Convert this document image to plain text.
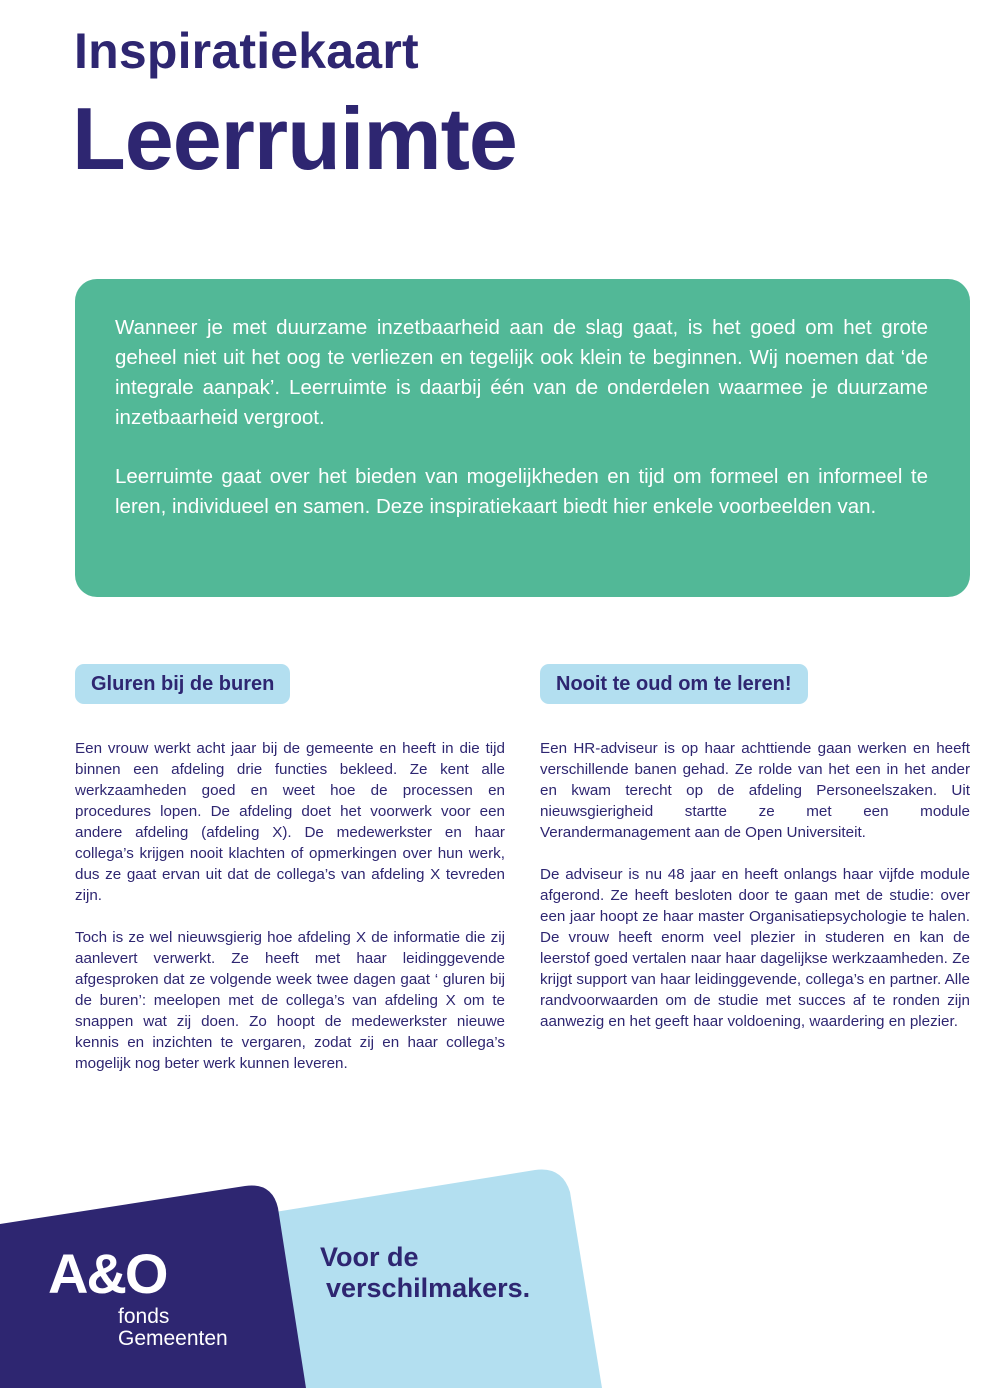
Inspiratiekaart
Leerruimte

Wanneer je met duurzame inzetbaarheid aan de slag gaat, is het goed om het grote geheel niet uit het oog te verliezen en tegelijk ook klein te beginnen. Wij noemen dat ‘de integrale aanpak’. Leerruimte is daarbij één van de onderdelen waarmee je duurzame inzetbaarheid vergroot.

Leerruimte gaat over het bieden van mogelijkheden en tijd om formeel en informeel te leren, individueel en samen. Deze inspiratiekaart biedt hier enkele voorbeelden van.

Gluren bij de buren

Een vrouw werkt acht jaar bij de gemeente en heeft in die tijd binnen een afdeling drie functies bekleed. Ze kent alle werkzaamheden goed en weet hoe de processen en procedures lopen. De afdeling doet het voorwerk voor een andere afdeling (afdeling X). De medewerkster en haar collega’s krijgen nooit klachten of opmerkingen over hun werk, dus ze gaat ervan uit dat de collega’s van afdeling X tevreden zijn.

Toch is ze wel nieuwsgierig hoe afdeling X de informatie die zij aanlevert verwerkt. Ze heeft met haar leidinggevende afgesproken dat ze volgende week twee dagen gaat ‘ gluren bij de buren’: meelopen met de collega’s van afdeling X om te snappen wat zij doen. Zo hoopt de medewerkster nieuwe kennis en inzichten te vergaren, zodat zij en haar collega’s mogelijk nog beter werk kunnen leveren.

Nooit te oud om te leren!

Een HR-adviseur is op haar achttiende gaan werken en heeft verschillende banen gehad. Ze rolde van het een in het ander en kwam terecht op de afdeling Personeelszaken. Uit nieuwsgierigheid startte ze met een module Verandermanagement aan de Open Universiteit.

De adviseur is nu 48 jaar en heeft onlangs haar vijfde module afgerond. Ze heeft besloten door te gaan met de studie: over een jaar hoopt ze haar master Organisatiepsychologie te halen. De vrouw heeft enorm veel plezier in studeren en kan de leerstof goed vertalen naar haar dagelijkse werkzaamheden. Ze krijgt support van haar leidinggevende, collega’s en partner. Alle randvoorwaarden om de studie met succes af te ronden zijn aanwezig en het geeft haar voldoening, waardering en plezier.

A&O
fonds
Gemeenten

Voor de
verschilmakers.
